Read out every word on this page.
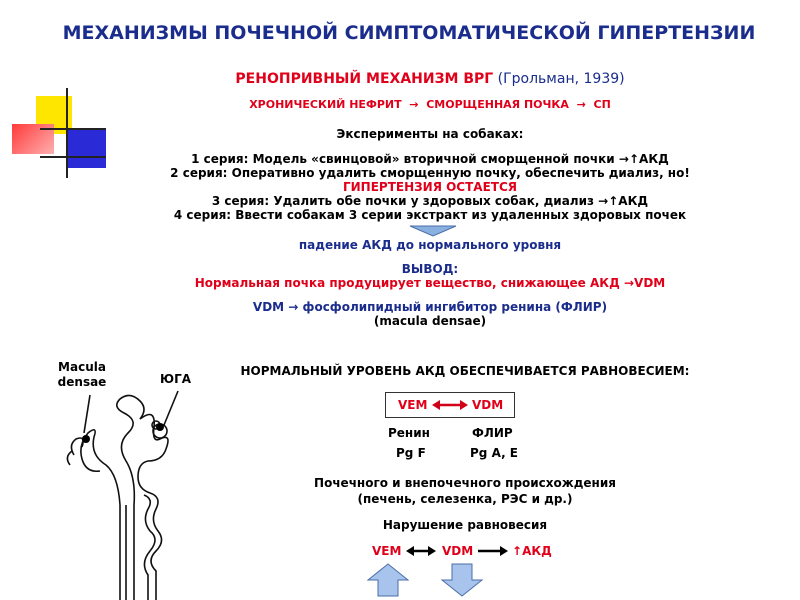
МЕХАНИЗМЫ ПОЧЕЧНОЙ СИМПТОМАТИЧЕСКОЙ ГИПЕРТЕНЗИИ
РЕНОПРИВНЫЙ МЕХАНИЗМ ВРГ (Грольман, 1939)
ХРОНИЧЕСКИЙ НЕФРИТ  →  СМОРЩЕННАЯ ПОЧКА  →  СП
Эксперименты на собаках:
1 серия: Модель «свинцовой» вторичной сморщенной почки →↑АКД
2 серия: Оперативно удалить сморщенную почку, обеспечить диализ, но!
ГИПЕРТЕНЗИЯ ОСТАЕТСЯ
3 серия: Удалить обе почки у здоровых собак, диализ →↑АКД
4 серия: Ввести собакам 3 серии экстракт из удаленных здоровых почек
падение АКД до нормального уровня
ВЫВОД:
Нормальная почка продуцирует вещество, снижающее АКД →VDM
VDM → фосфолипидный ингибитор ренина (ФЛИР)
(macula densae)
Macula densae	ЮГА
НОРМАЛЬНЫЙ УРОВЕНЬ АКД ОБЕСПЕЧИВАЕТСЯ РАВНОВЕСИЕМ:
VEM	VDM
Ренин	ФЛИР
Pg F	Pg A, E
Почечного и внепочечного происхождения
(печень, селезенка, РЭС и др.)
Нарушение равновесия
VEM	VDM	↑АКД
